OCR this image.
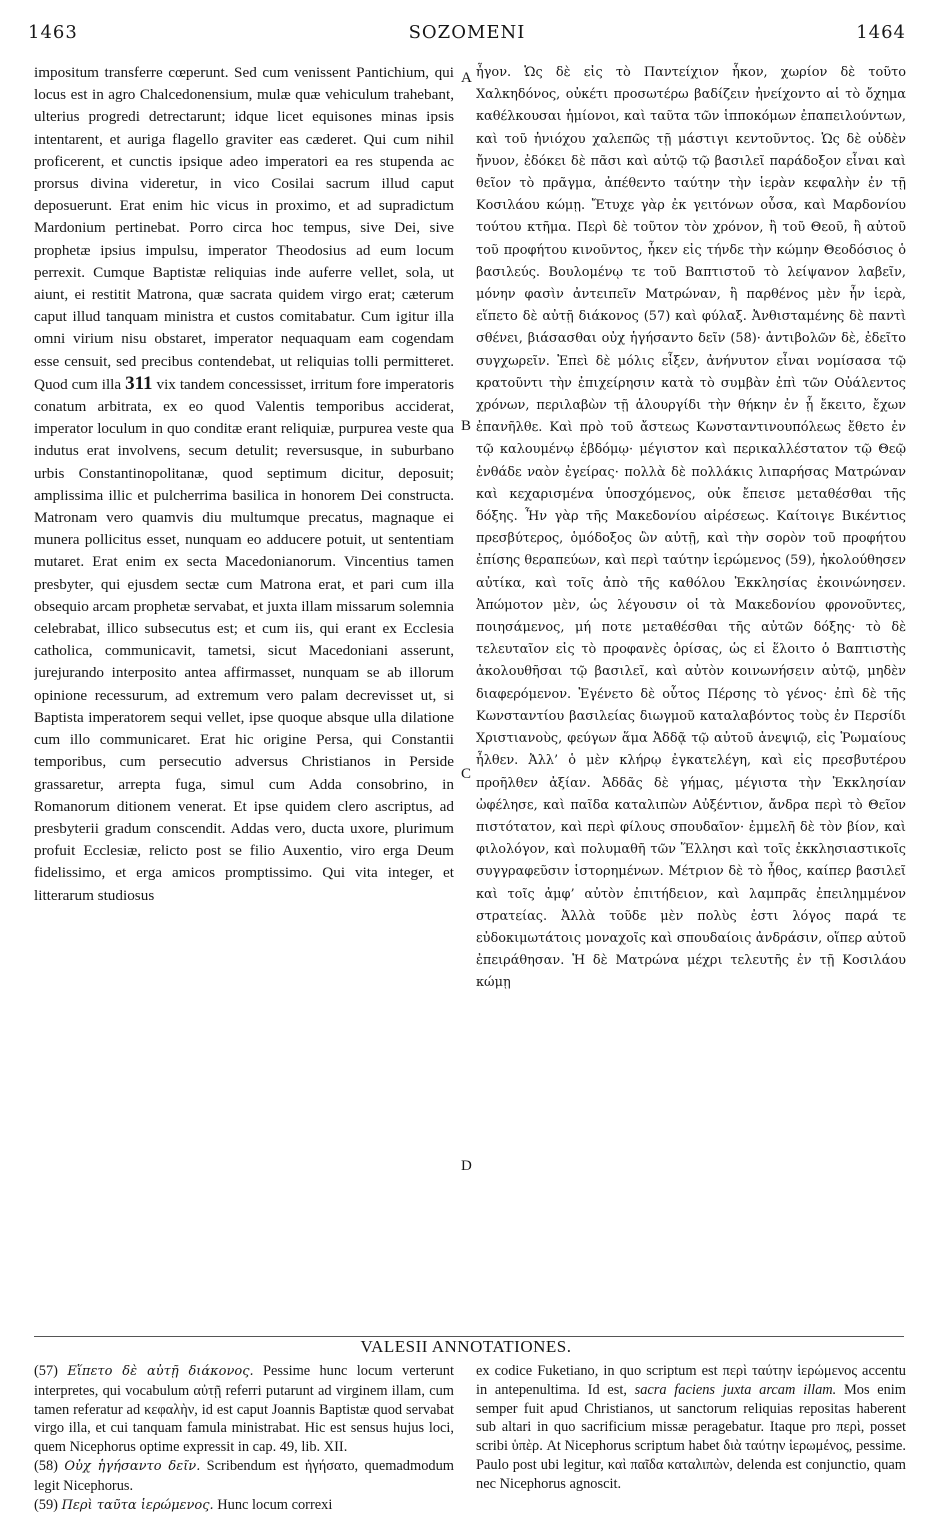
1463	SOZOMENI	1464

impositum transferre cœperunt. Sed cum venissent Pantichium, qui locus est in agro Chalcedonensium, mulæ quæ vehiculum trahebant, ulterius progredi detrectarunt; idque licet equisones minas ipsis intentarent, et auriga flagello graviter eas cæderet. Qui cum nihil proficerent, et cunctis ipsique adeo imperatori ea res stupenda ac prorsus divina videretur, in vico Cosilai sacrum illud caput deposuerunt. Erat enim hic vicus in proximo, et ad supradictum Mardonium pertinebat. Porro circa hoc tempus, sive Dei, sive prophetæ ipsius impulsu, imperator Theodosius ad eum locum perrexit. Cumque Baptistæ reliquias inde auferre vellet, sola, ut aiunt, ei restitit Matrona, quæ sacrata quidem virgo erat; cæterum caput illud tanquam ministra et custos comitabatur. Cum igitur illa omni virium nisu obstaret, imperator nequaquam eam cogendam esse censuit, sed precibus contendebat, ut reliquias tolli permitteret. Quod cum illa 311 vix tandem concessisset, irritum fore imperatoris conatum arbitrata, ex eo quod Valentis temporibus acciderat, imperator loculum in quo conditæ erant reliquiæ, purpurea veste qua indutus erat involvens, secum detulit; reversusque, in suburbano urbis Constantinopolitanæ, quod septimum dicitur, deposuit; amplissima illic et pulcherrima basilica in honorem Dei constructa. Matronam vero quamvis diu multumque precatus, magnaque ei munera pollicitus esset, nunquam eo adducere potuit, ut sententiam mutaret. Erat enim ex secta Macedonianorum. Vincentius tamen presbyter, qui ejusdem sectæ cum Matrona erat, et pari cum illa obsequio arcam prophetæ servabat, et juxta illam missarum solemnia celebrabat, illico subsecutus est; et cum iis, qui erant ex Ecclesia catholica, communicavit, tametsi, sicut Macedoniani asserunt, jurejurando interposito antea affirmasset, nunquam se ab illorum opinione recessurum, ad extremum vero palam decrevisset ut, si Baptista imperatorem sequi vellet, ipse quoque absque ulla dilatione cum illo communicaret. Erat hic origine Persa, qui Constantii temporibus, cum persecutio adversus Christianos in Perside grassaretur, arrepta fuga, simul cum Adda consobrino, in Romanorum ditionem venerat. Et ipse quidem clero ascriptus, ad presbyterii gradum conscendit. Addas vero, ducta uxore, plurimum profuit Ecclesiæ, relicto post se filio Auxentio, viro erga Deum fidelissimo, et erga amicos promptissimo. Qui vita integer, et litterarum studiosus

ἦγον. Ὡς δὲ εἰς τὸ Παντείχιον ἧκον, χωρίον δὲ τοῦτο Χαλκηδόνος, οὐκέτι προσωτέρω βαδίζειν ἠνείχοντο αἱ τὸ ὄχημα καθέλκουσαι ἡμίονοι, καὶ ταῦτα τῶν ἱπποκόμων ἐπαπειλούντων, καὶ τοῦ ἡνιόχου χαλεπῶς τῇ μάστιγι κεντοῦντος. Ὡς δὲ οὐδὲν ἤνυον, ἐδόκει δὲ πᾶσι καὶ αὐτῷ τῷ βασιλεῖ παράδοξον εἶναι καὶ θεῖον τὸ πρᾶγμα, ἀπέθεντο ταύτην τὴν ἱερὰν κεφαλὴν ἐν τῇ Κοσιλάου κώμῃ. Ἔτυχε γὰρ ἐκ γειτόνων οὖσα, καὶ Μαρδονίου τούτου κτῆμα. Περὶ δὲ τοῦτον τὸν χρόνον, ἢ τοῦ Θεοῦ, ἢ αὐτοῦ τοῦ προφήτου κινοῦντος, ἧκεν εἰς τήνδε τὴν κώμην Θεοδόσιος ὁ βασιλεύς. Βουλομένῳ τε τοῦ Βαπτιστοῦ τὸ λείψανον λαβεῖν, μόνην φασὶν ἀντειπεῖν Ματρώναν, ἣ παρθένος μὲν ἦν ἱερὰ, εἵπετο δὲ αὐτῇ διάκονος (57) καὶ φύλαξ. Ἀνθισταμένης δὲ παντὶ σθένει, βιάσασθαι οὐχ ἡγήσαντο δεῖν (58)· ἀντιβολῶν δὲ, ἐδεῖτο συγχωρεῖν. Ἐπεὶ δὲ μόλις εἶξεν, ἀνήνυτον εἶναι νομίσασα τῷ κρατοῦντι τὴν ἐπιχείρησιν κατὰ τὸ συμβὰν ἐπὶ τῶν Οὐάλεντος χρόνων, περιλαβὼν τῇ ἁλουργίδι τὴν θήκην ἐν ᾗ ἔκειτο, ἔχων ἐπανῆλθε. Καὶ πρὸ τοῦ ἄστεως Κωνσταντινουπόλεως ἔθετο ἐν τῷ καλουμένῳ ἑβδόμῳ· μέγιστον καὶ περικαλλέστατον τῷ Θεῷ ἐνθάδε ναὸν ἐγείρας· πολλὰ δὲ πολλάκις λιπαρήσας Ματρώναν καὶ κεχαρισμένα ὑποσχόμενος, οὐκ ἔπεισε μεταθέσθαι τῆς δόξης. Ἦν γὰρ τῆς Μακεδονίου αἱρέσεως. Καίτοιγε Βικέντιος πρεσβύτερος, ὁμόδοξος ὢν αὐτῇ, καὶ τὴν σορὸν τοῦ προφήτου ἐπίσης θεραπεύων, καὶ περὶ ταύτην ἱερώμενος (59), ἠκολούθησεν αὐτίκα, καὶ τοῖς ἀπὸ τῆς καθόλου Ἐκκλησίας ἐκοινώνησεν. Ἀπώμοτον μὲν, ὡς λέγουσιν οἱ τὰ Μακεδονίου φρονοῦντες, ποιησάμενος, μή ποτε μεταθέσθαι τῆς αὐτῶν δόξης· τὸ δὲ τελευταῖον εἰς τὸ προφανὲς ὁρίσας, ὡς εἰ ἕλοιτο ὁ Βαπτιστὴς ἀκολουθῆσαι τῷ βασιλεῖ, καὶ αὐτὸν κοινωνήσειν αὐτῷ, μηδὲν διαφερόμενον. Ἐγένετο δὲ οὗτος Πέρσης τὸ γένος· ἐπὶ δὲ τῆς Κωνσταντίου βασιλείας διωγμοῦ καταλαβόντος τοὺς ἐν Περσίδι Χριστιανοὺς, φεύγων ἅμα Ἀδδᾷ τῷ αὐτοῦ ἀνεψιῷ, εἰς Ῥωμαίους ἦλθεν. Ἀλλ’ ὁ μὲν κλήρῳ ἐγκατελέγη, καὶ εἰς πρεσβυτέρου προῆλθεν ἀξίαν. Ἀδδᾶς δὲ γήμας, μέγιστα τὴν Ἐκκλησίαν ὠφέλησε, καὶ παῖδα καταλιπὼν Αὐξέντιον, ἄνδρα περὶ τὸ Θεῖον πιστότατον, καὶ περὶ φίλους σπουδαῖον· ἐμμελῆ δὲ τὸν βίον, καὶ φιλολόγον, καὶ πολυμαθῆ τῶν Ἕλλησι καὶ τοῖς ἐκκλησιαστικοῖς συγγραφεῦσιν ἱστορημένων. Μέτριον δὲ τὸ ἦθος, καίπερ βασιλεῖ καὶ τοῖς ἀμφ’ αὐτὸν ἐπιτήδειον, καὶ λαμπρᾶς ἐπειλημμένον στρατείας. Ἀλλὰ τοῦδε μὲν πολὺς ἐστι λόγος παρά τε εὐδοκιμωτάτοις μοναχοῖς καὶ σπουδαίοις ἀνδράσιν, οἵπερ αὐτοῦ ἐπειράθησαν. Ἡ δὲ Ματρώνα μέχρι τελευτῆς ἐν τῇ Κοσιλάου κώμῃ

A
B
C
D
VALESII ANNOTATIONES.

(57) Εἵπετο δὲ αὐτῇ διάκονος. Pessime hunc locum verterunt interpretes, qui vocabulum αὐτῇ referri putarunt ad virginem illam, cum tamen referatur ad κεφαλὴν, id est caput Joannis Baptistæ quod servabat virgo illa, et cui tanquam famula ministrabat. Hic est sensus hujus loci, quem Nicephorus optime expressit in cap. 49, lib. XII.

(58) Οὐχ ἡγήσαντο δεῖν. Scribendum est ἡγήσατο, quemadmodum legit Nicephorus.

(59) Περὶ ταῦτα ἱερώμενος. Hunc locum correxi

ex codice Fuketiano, in quo scriptum est περὶ ταύτην ἱερώμενος accentu in antepenultima. Id est, sacra faciens juxta arcam illam. Mos enim semper fuit apud Christianos, ut sanctorum reliquias repositas haberent sub altari in quo sacrificium missæ peragebatur. Itaque pro περὶ, posset scribi ὑπὲρ. At Nicephorus scriptum habet διὰ ταύτην ἱερωμένος, pessime. Paulo post ubi legitur, καὶ παῖδα καταλιπὼν, delenda est conjunctio, quam nec Nicephorus agnoscit.
